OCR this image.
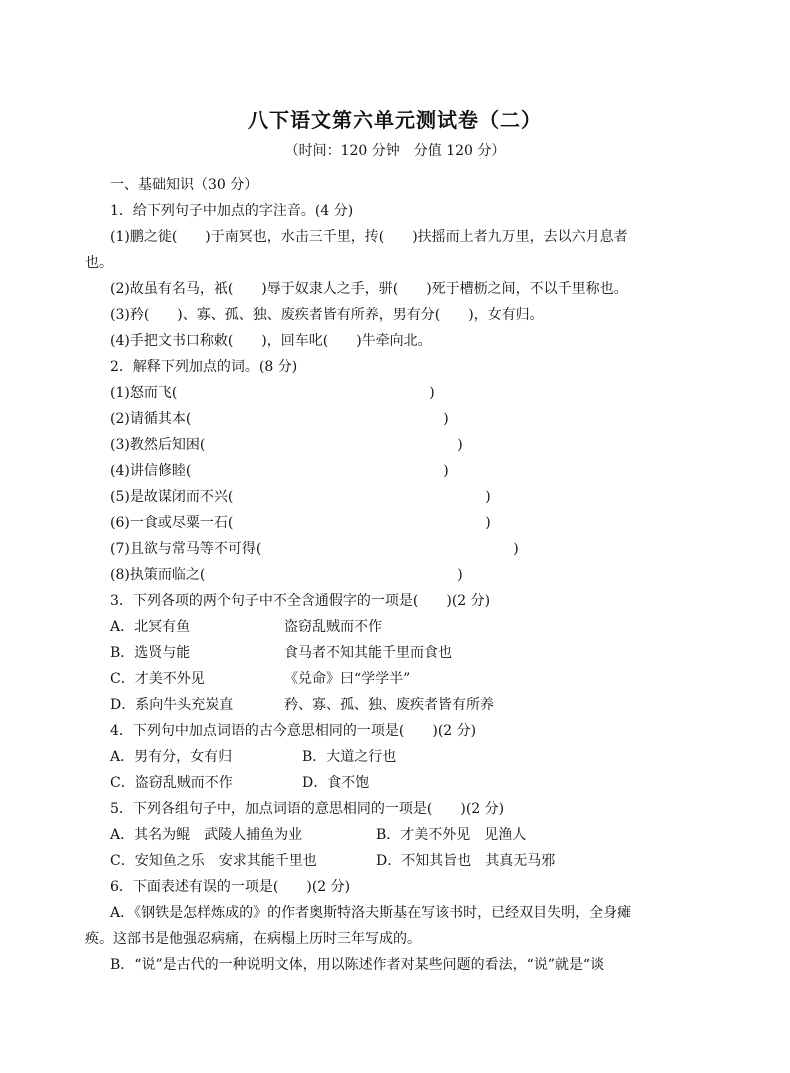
八下语文第六单元测试卷（二）
（时间：120 分钟　分值 120 分）
一、基础知识（30 分）
1．给下列句子中加点的字注音。(4 分)
(1)鹏之徙(　　)于南冥也，水击三千里，抟(　　)扶摇而上者九万里，去以六月息者
也。
(2)故虽有名马，祇(　　)辱于奴隶人之手，骈(　　)死于槽枥之间，不以千里称也。
(3)矜(　　)、寡、孤、独、废疾者皆有所养，男有分(　　)，女有归。
(4)手把文书口称敕(　　)，回车叱(　　)牛牵向北。
2．解释下列加点的词。(8 分)
(1)怒而飞(　　　　　　　　　　　　　　　　　　)
(2)请循其本(　　　　　　　　　　　　　　　　　　)
(3)教然后知困(　　　　　　　　　　　　　　　　　　)
(4)讲信修睦(　　　　　　　　　　　　　　　　　　)
(5)是故谋闭而不兴(　　　　　　　　　　　　　　　　　　)
(6)一食或尽粟一石(　　　　　　　　　　　　　　　　　　)
(7)且欲与常马等不可得(　　　　　　　　　　　　　　　　　　)
(8)执策而临之(　　　　　　　　　　　　　　　　　　)
3．下列各项的两个句子中不全含通假字的一项是(　　)(2 分)
A．北冥有鱼	盗窃乱贼而不作
B．选贤与能	食马者不知其能千里而食也
C．才美不外见	《兑命》曰“学学半”
D．系向牛头充炭直	矜、寡、孤、独、废疾者皆有所养
4．下列句中加点词语的古今意思相同的一项是(　　)(2 分)
A．男有分，女有归	B．大道之行也
C．盗窃乱贼而不作	D．食不饱
5．下列各组句子中，加点词语的意思相同的一项是(　　)(2 分)
A．其名为鲲　武陵人捕鱼为业	B．才美不外见　见渔人
C．安知鱼之乐　安求其能千里也	D．不知其旨也　其真无马邪
6．下面表述有误的一项是(　　)(2 分)
A．《钢铁是怎样炼成的》的作者奥斯特洛夫斯基在写该书时，已经双目失明，全身瘫
痪。这部书是他强忍病痛，在病榻上历时三年写成的。
B．“说”是古代的一种说明文体，用以陈述作者对某些问题的看法，“说”就是“谈
